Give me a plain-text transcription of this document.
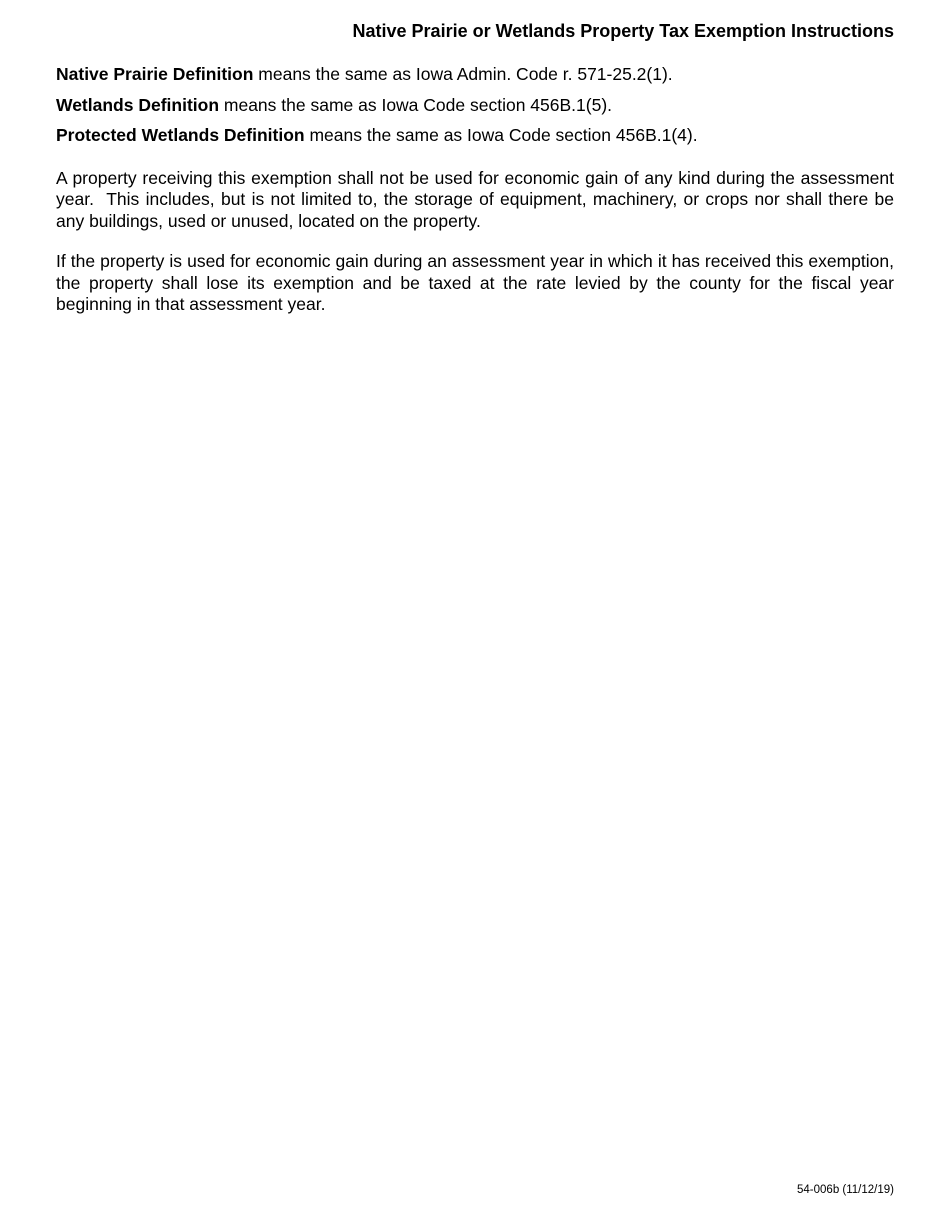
Native Prairie or Wetlands Property Tax Exemption Instructions

Native Prairie Definition means the same as Iowa Admin. Code r. 571-25.2(1).

Wetlands Definition means the same as Iowa Code section 456B.1(5).

Protected Wetlands Definition means the same as Iowa Code section 456B.1(4).

A property receiving this exemption shall not be used for economic gain of any kind during the assessment year.  This includes, but is not limited to, the storage of equipment, machinery, or crops nor shall there be any buildings, used or unused, located on the property.

If the property is used for economic gain during an assessment year in which it has received this exemption, the property shall lose its exemption and be taxed at the rate levied by the county for the fiscal year beginning in that assessment year.

54-006b (11/12/19)
